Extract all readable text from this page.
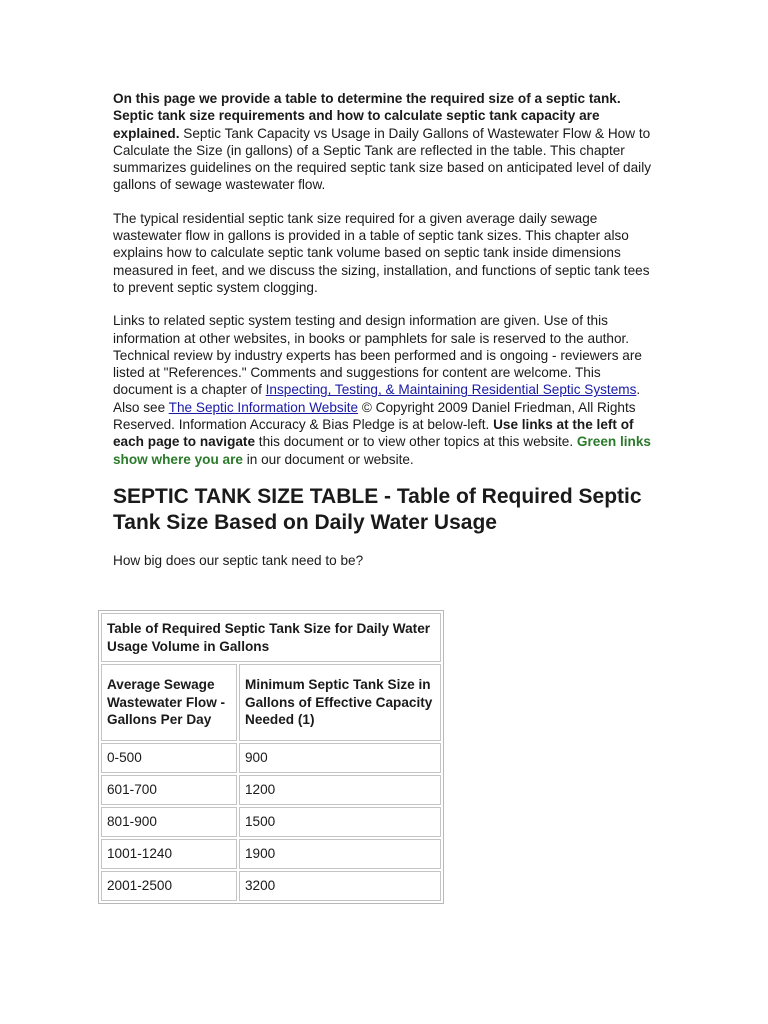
On this page we provide a table to determine the required size of a septic tank. Septic tank size requirements and how to calculate septic tank capacity are explained. Septic Tank Capacity vs Usage in Daily Gallons of Wastewater Flow & How to Calculate the Size (in gallons) of a Septic Tank are reflected in the table. This chapter summarizes guidelines on the required septic tank size based on anticipated level of daily gallons of sewage wastewater flow.

The typical residential septic tank size required for a given average daily sewage wastewater flow in gallons is provided in a table of septic tank sizes. This chapter also explains how to calculate septic tank volume based on septic tank inside dimensions measured in feet, and we discuss the sizing, installation, and functions of septic tank tees to prevent septic system clogging.

Links to related septic system testing and design information are given. Use of this information at other websites, in books or pamphlets for sale is reserved to the author. Technical review by industry experts has been performed and is ongoing - reviewers are listed at "References." Comments and suggestions for content are welcome. This document is a chapter of Inspecting, Testing, & Maintaining Residential Septic Systems. Also see The Septic Information Website © Copyright 2009 Daniel Friedman, All Rights Reserved. Information Accuracy & Bias Pledge is at below-left. Use links at the left of each page to navigate this document or to view other topics at this website. Green links show where you are in our document or website.

SEPTIC TANK SIZE TABLE - Table of Required Septic Tank Size Based on Daily Water Usage

How big does our septic tank need to be?

Table of Required Septic Tank Size for Daily Water Usage Volume in Gallons	
Average Sewage Wastewater Flow - Gallons Per Day	Minimum Septic Tank Size in Gallons of Effective Capacity Needed (1)
0-500	900
601-700	1200
801-900	1500
1001-1240	1900
2001-2500	3200
